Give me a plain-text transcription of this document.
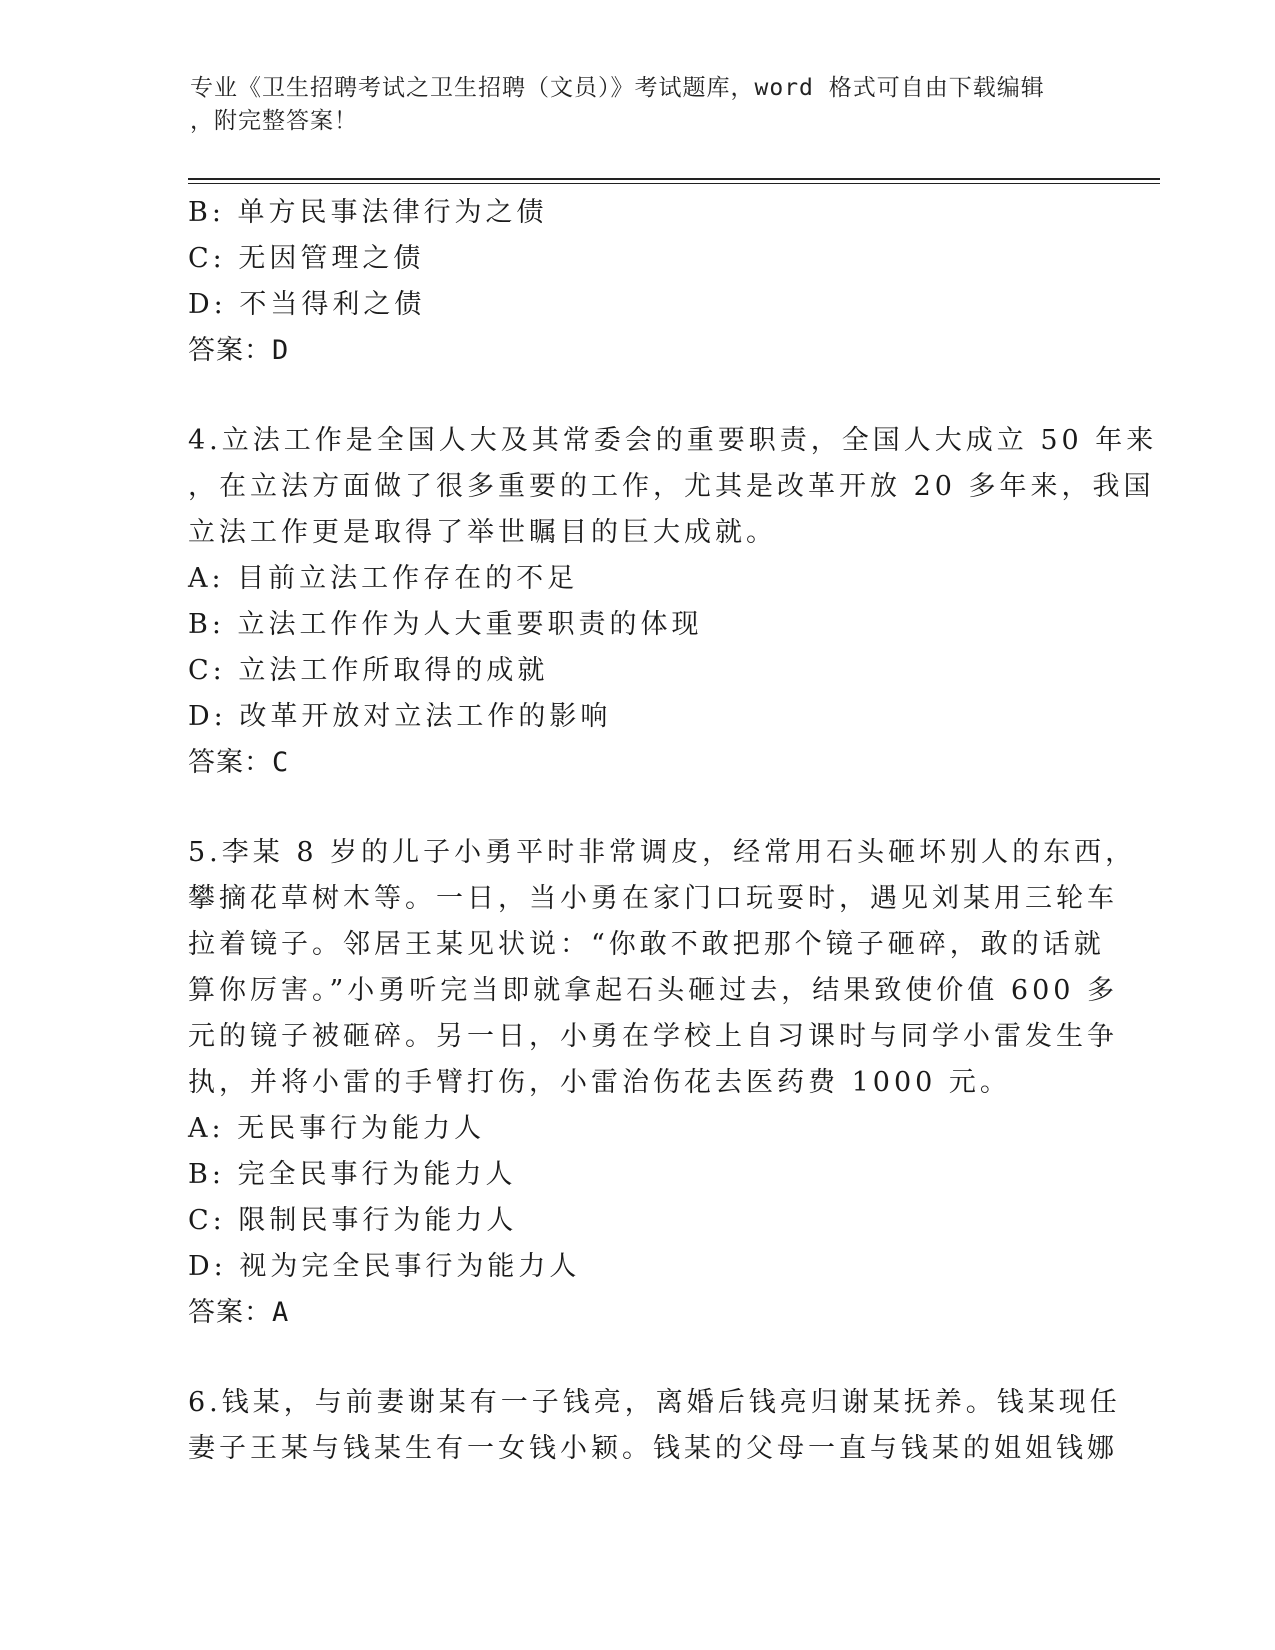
专业《卫生招聘考试之卫生招聘（文员）》考试题库，word 格式可自由下载编辑
，附完整答案！
B: 单方民事法律行为之债
C: 无因管理之债
D: 不当得利之债
答案：D
4.立法工作是全国人大及其常委会的重要职责，全国人大成立 50 年来
，在立法方面做了很多重要的工作，尤其是改革开放 20 多年来，我国
立法工作更是取得了举世瞩目的巨大成就。
A: 目前立法工作存在的不足
B: 立法工作作为人大重要职责的体现
C: 立法工作所取得的成就
D: 改革开放对立法工作的影响
答案：C
5.李某 8 岁的儿子小勇平时非常调皮，经常用石头砸坏别人的东西，
攀摘花草树木等。一日，当小勇在家门口玩耍时，遇见刘某用三轮车
拉着镜子。邻居王某见状说：“你敢不敢把那个镜子砸碎，敢的话就
算你厉害。”小勇听完当即就拿起石头砸过去，结果致使价值 600 多
元的镜子被砸碎。另一日，小勇在学校上自习课时与同学小雷发生争
执，并将小雷的手臂打伤，小雷治伤花去医药费 1000 元。
A: 无民事行为能力人
B: 完全民事行为能力人
C: 限制民事行为能力人
D: 视为完全民事行为能力人
答案：A
6.钱某，与前妻谢某有一子钱亮，离婚后钱亮归谢某抚养。钱某现任
妻子王某与钱某生有一女钱小颖。钱某的父母一直与钱某的姐姐钱娜
